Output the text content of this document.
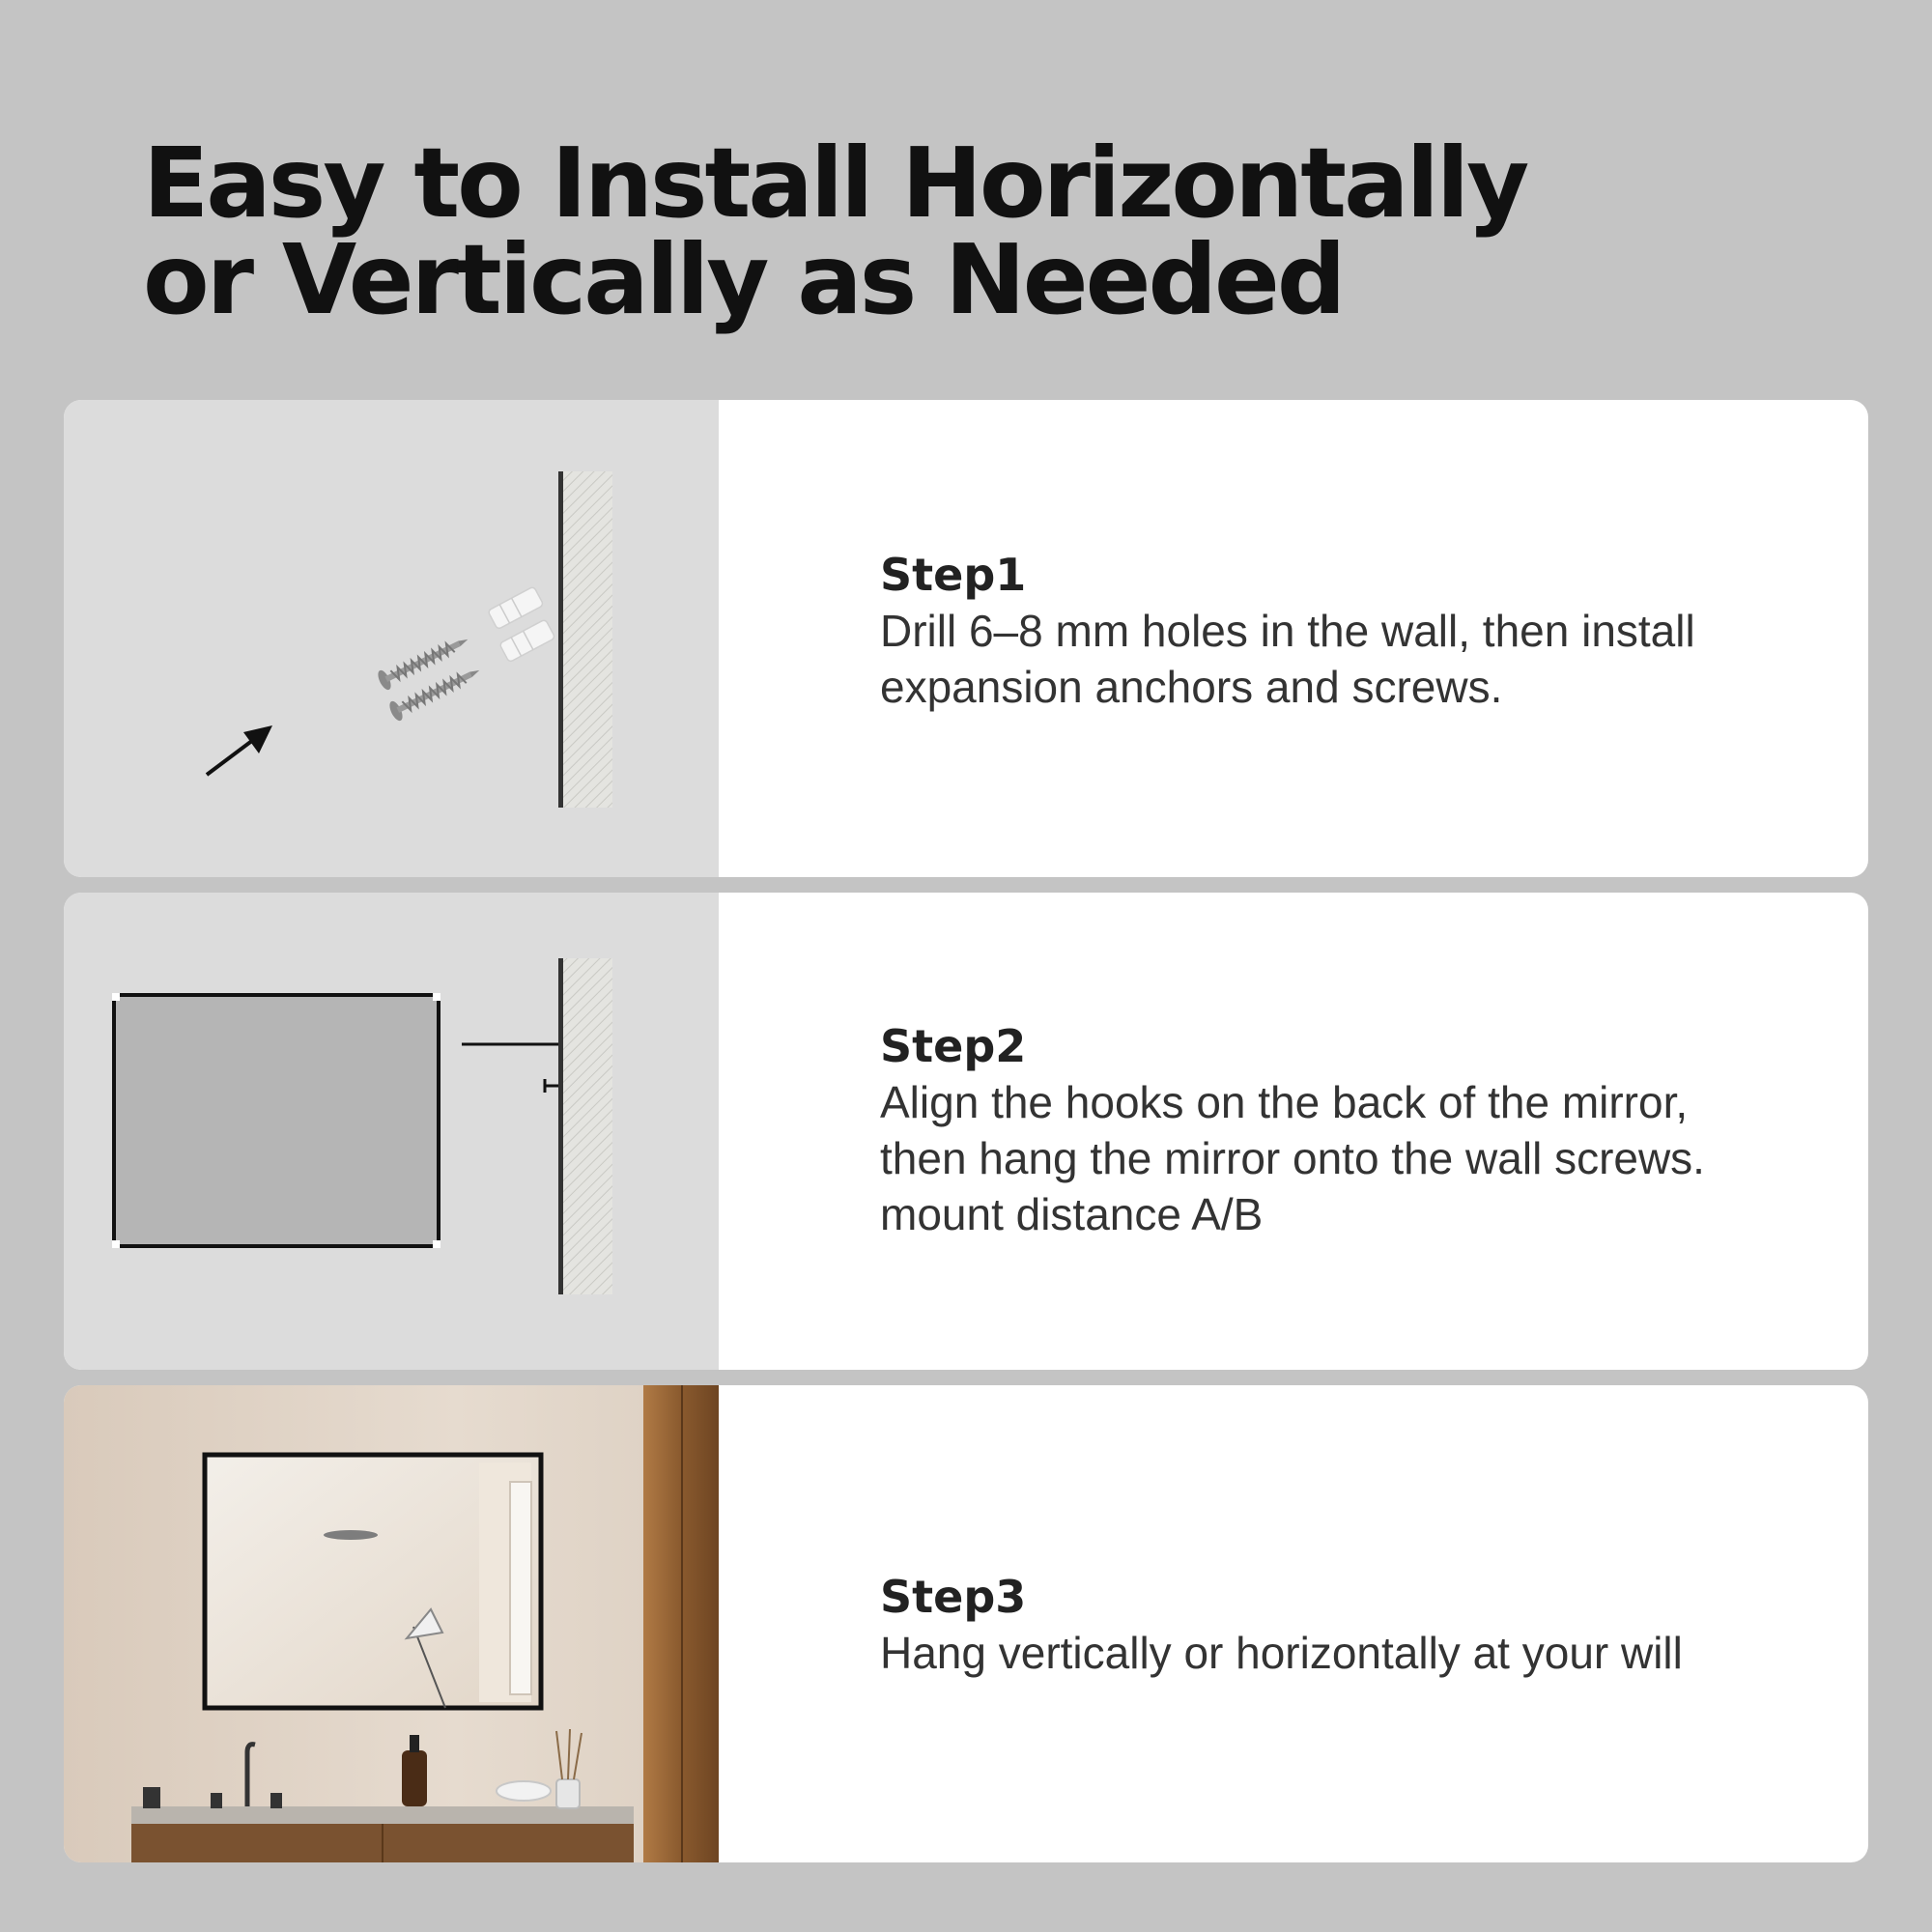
Easy to Install Horizontally
or Vertically as Needed
Step1
Drill 6–8 mm holes in the wall, then install
expansion anchors and screws.
Step2
Align the hooks on the back of the mirror,
then hang the mirror onto the wall screws.
mount distance A/B
Step3
Hang vertically or horizontally at your will
